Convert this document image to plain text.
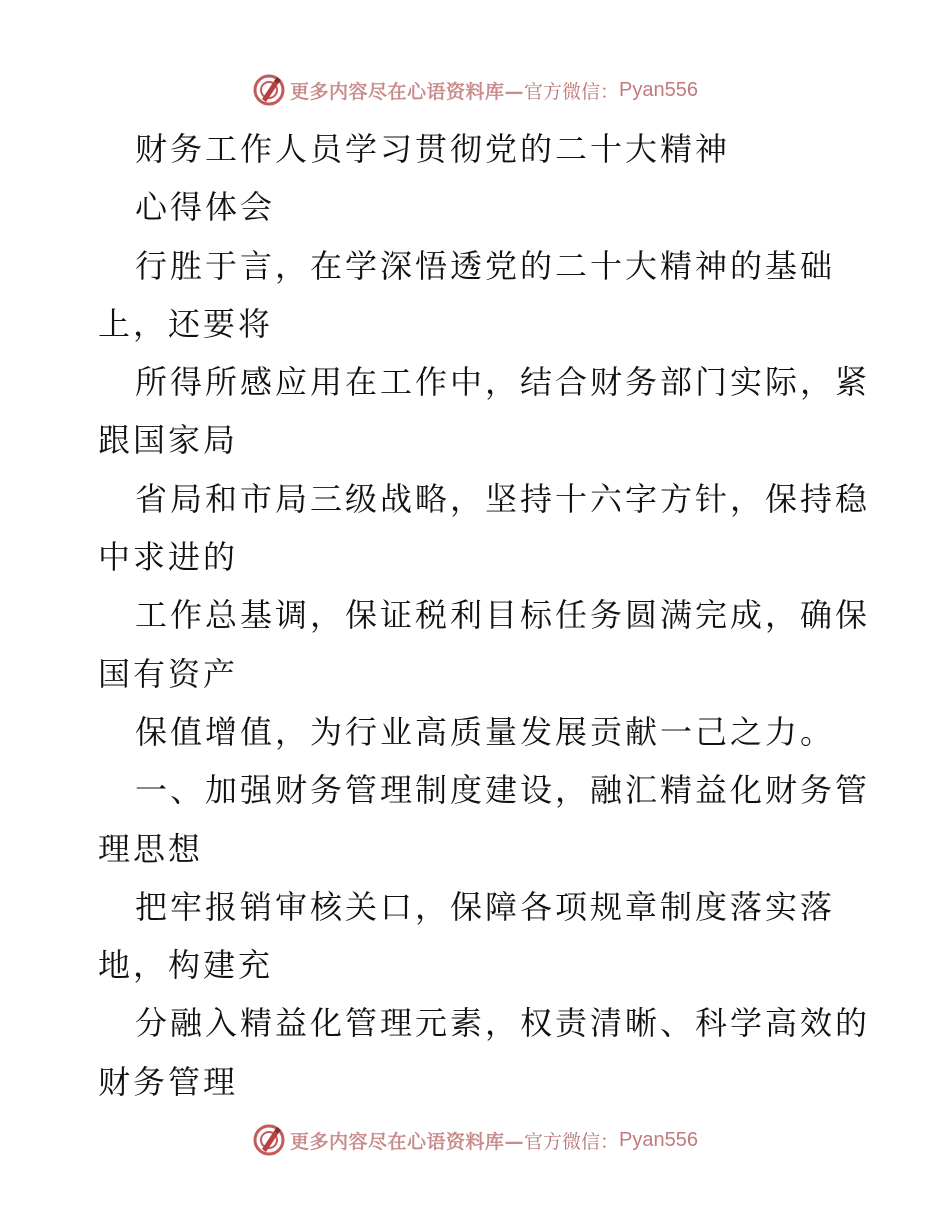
更多内容尽在心语资料库— 官方微信： Pyan556
财务工作人员学习贯彻党的二十大精神
心得体会
行胜于言，在学深悟透党的二十大精神的基础
上，还要将
所得所感应用在工作中，结合财务部门实际，紧
跟国家局
省局和市局三级战略，坚持十六字方针，保持稳
中求进的
工作总基调，保证税利目标任务圆满完成，确保
国有资产
保值增值，为行业高质量发展贡献一己之力。
一、加强财务管理制度建设，融汇精益化财务管
理思想
把牢报销审核关口，保障各项规章制度落实落
地，构建充
分融入精益化管理元素，权责清晰、科学高效的
财务管理
更多内容尽在心语资料库— 官方微信： Pyan556
